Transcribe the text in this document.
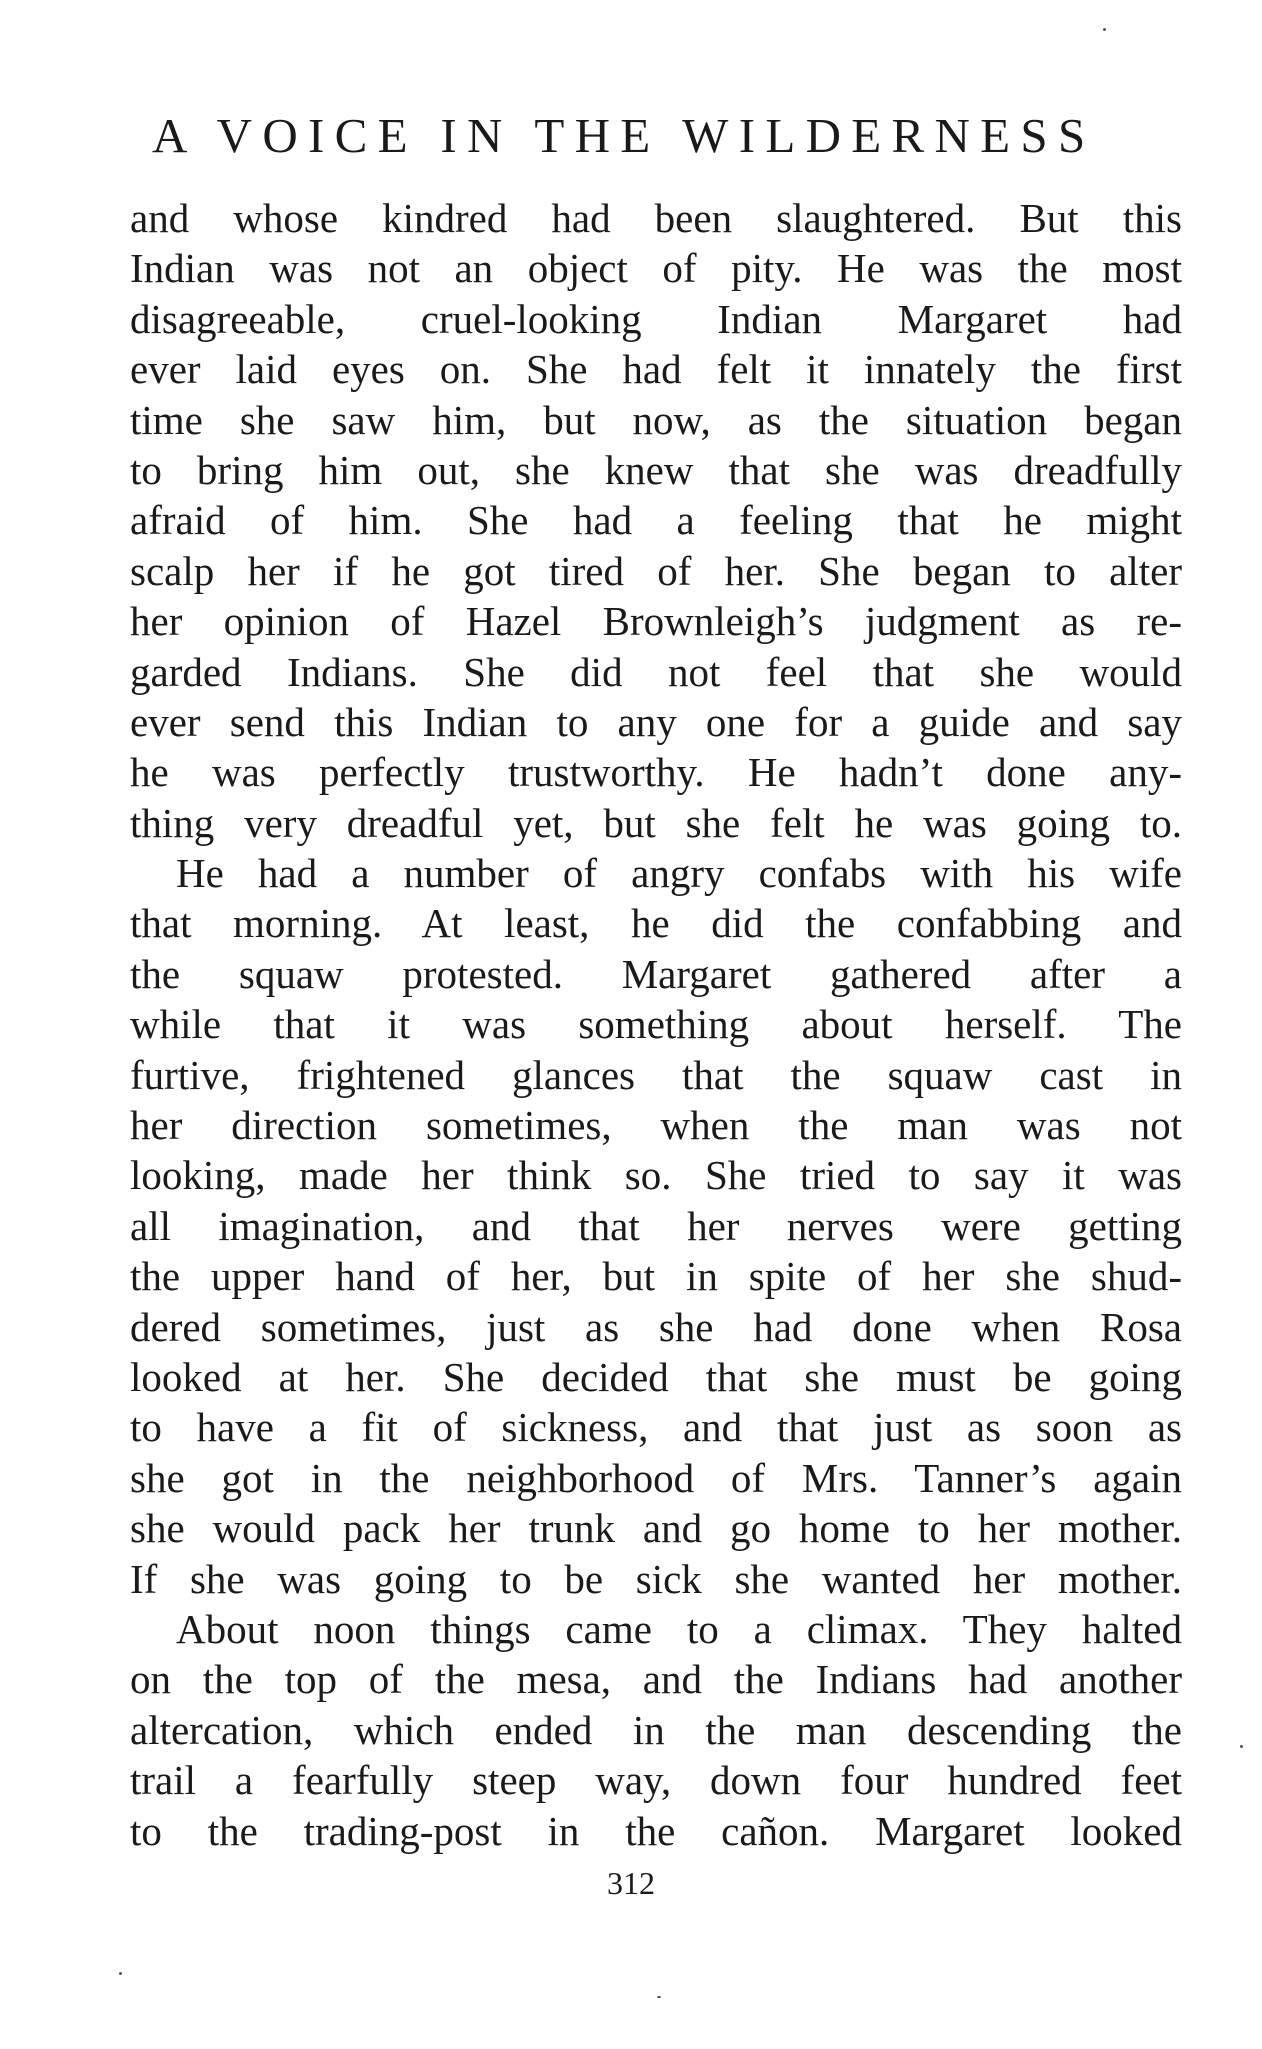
A VOICE IN THE WILDERNESS
and whose kindred had been slaughtered. But this
Indian was not an object of pity. He was the most
disagreeable, cruel-looking Indian Margaret had
ever laid eyes on. She had felt it innately the first
time she saw him, but now, as the situation began
to bring him out, she knew that she was dreadfully
afraid of him. She had a feeling that he might
scalp her if he got tired of her. She began to alter
her opinion of Hazel Brownleigh’s judgment as re-
garded Indians. She did not feel that she would
ever send this Indian to any one for a guide and say
he was perfectly trustworthy. He hadn’t done any-
thing very dreadful yet, but she felt he was going to.
He had a number of angry confabs with his wife
that morning. At least, he did the confabbing and
the squaw protested. Margaret gathered after a
while that it was something about herself. The
furtive, frightened glances that the squaw cast in
her direction sometimes, when the man was not
looking, made her think so. She tried to say it was
all imagination, and that her nerves were getting
the upper hand of her, but in spite of her she shud-
dered sometimes, just as she had done when Rosa
looked at her. She decided that she must be going
to have a fit of sickness, and that just as soon as
she got in the neighborhood of Mrs. Tanner’s again
she would pack her trunk and go home to her mother.
If she was going to be sick she wanted her mother.
About noon things came to a climax. They halted
on the top of the mesa, and the Indians had another
altercation, which ended in the man descending the
trail a fearfully steep way, down four hundred feet
to the trading-post in the cañon. Margaret looked
312
